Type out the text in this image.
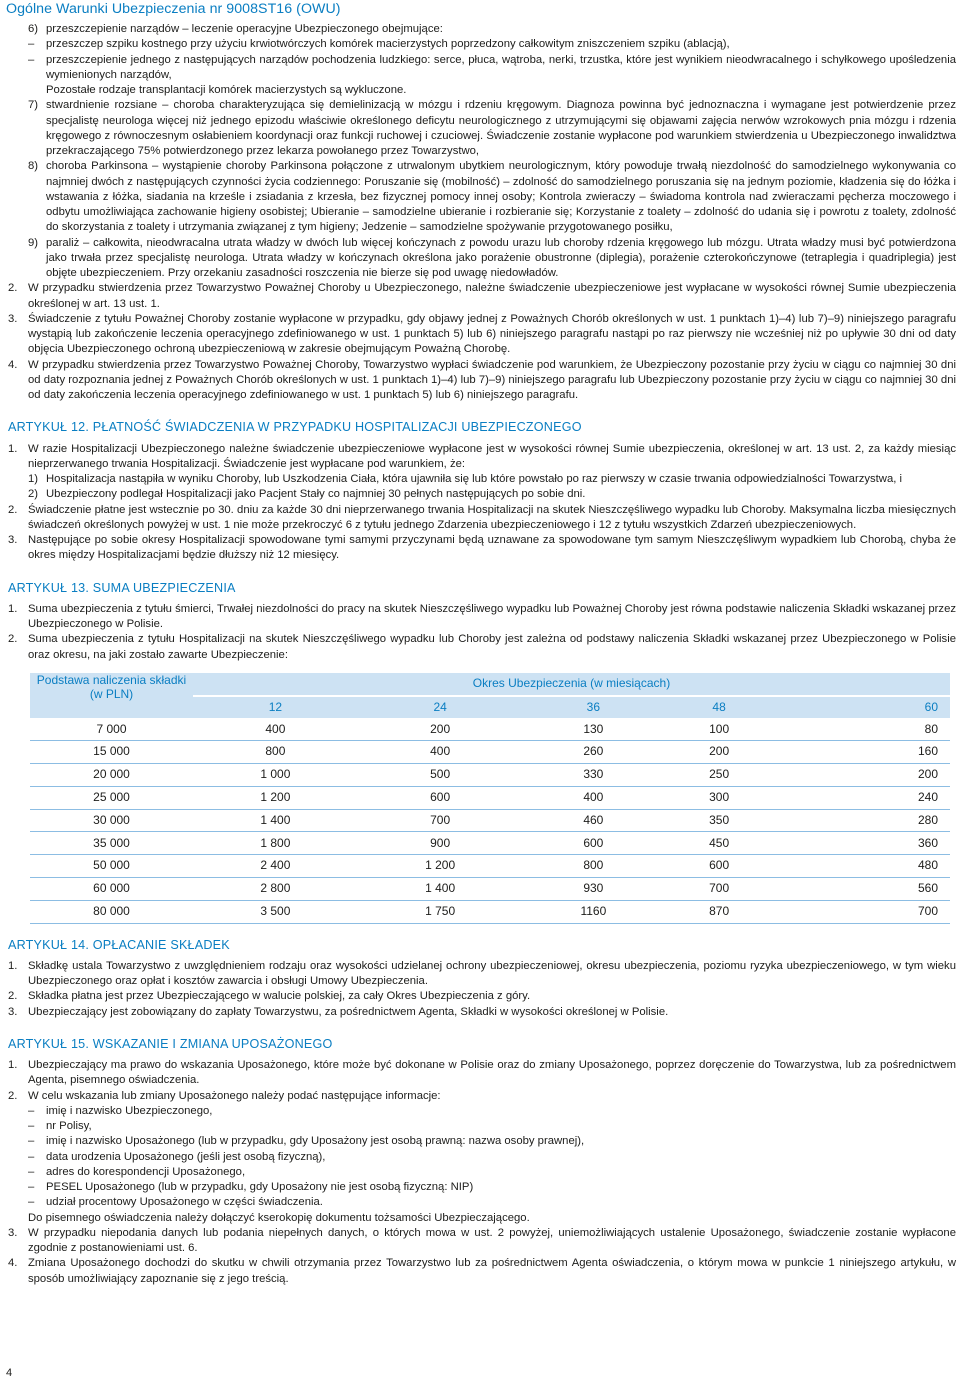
Ogólne Warunki Ubezpieczenia nr 9008ST16 (OWU)
6) przeszczepienie narządów – leczenie operacyjne Ubezpieczonego obejmujące:
– przeszczep szpiku kostnego przy użyciu krwiotwórczych komórek macierzystych poprzedzony całkowitym zniszczeniem szpiku (ablacją),
– przeszczepienie jednego z następujących narządów pochodzenia ludzkiego: serce, płuca, wątroba, nerki, trzustka, które jest wynikiem nieodwracalnego i schyłkowego upośledzenia wymienionych narządów,
Pozostałe rodzaje transplantacji komórek macierzystych są wykluczone.
7) stwardnienie rozsiane – choroba charakteryzująca się demielinizacją w mózgu i rdzeniu kręgowym. Diagnoza powinna być jednoznaczna i wymagane jest potwierdzenie przez specjalistę neurologa więcej niż jednego epizodu właściwie określonego deficytu neurologicznego z utrzymującymi się objawami zajęcia nerwów wzrokowych pnia mózgu i rdzenia kręgowego z równoczesnym osłabieniem koordynacji oraz funkcji ruchowej i czuciowej. Świadczenie zostanie wypłacone pod warunkiem stwierdzenia u Ubezpieczonego inwalidztwa przekraczającego 75% potwierdzonego przez lekarza powołanego przez Towarzystwo,
8) choroba Parkinsona – wystąpienie choroby Parkinsona połączone z utrwalonym ubytkiem neurologicznym, który powoduje trwałą niezdolność do samodzielnego wykonywania co najmniej dwóch z następujących czynności życia codziennego: Poruszanie się (mobilność) – zdolność do samodzielnego poruszania się na jednym poziomie, kładzenia się do łóżka i wstawania z łóżka, siadania na krześle i zsiadania z krzesła, bez fizycznej pomocy innej osoby; Kontrola zwieraczy – świadoma kontrola nad zwieraczami pęcherza moczowego i odbytu umożliwiająca zachowanie higieny osobistej; Ubieranie – samodzielne ubieranie i rozbieranie się; Korzystanie z toalety – zdolność do udania się i powrotu z toalety, zdolność do skorzystania z toalety i utrzymania związanej z tym higieny; Jedzenie – samodzielne spożywanie przygotowanego posiłku,
9) paraliż – całkowita, nieodwracalna utrata władzy w dwóch lub więcej kończynach z powodu urazu lub choroby rdzenia kręgowego lub mózgu. Utrata władzy musi być potwierdzona jako trwała przez specjalistę neurologa. Utrata władzy w kończynach określona jako porażenie obustronne (diplegia), porażenie czterokończynowe (tetraplegia i quadriplegia) jest objęte ubezpieczeniem. Przy orzekaniu zasadności roszczenia nie bierze się pod uwagę niedowładów.
2. W przypadku stwierdzenia przez Towarzystwo Poważnej Choroby u Ubezpieczonego, należne świadczenie ubezpieczeniowe jest wypłacane w wysokości równej Sumie ubezpieczenia określonej w art. 13 ust. 1.
3. Świadczenie z tytułu Poważnej Choroby zostanie wypłacone w przypadku, gdy objawy jednej z Poważnych Chorób określonych w ust. 1 punktach 1)–4) lub 7)–9) niniejszego paragrafu wystąpią lub zakończenie leczenia operacyjnego zdefiniowanego w ust. 1 punktach 5) lub 6) niniejszego paragrafu nastąpi po raz pierwszy nie wcześniej niż po upływie 30 dni od daty objęcia Ubezpieczonego ochroną ubezpieczeniową w zakresie obejmującym Poważną Chorobę.
4. W przypadku stwierdzenia przez Towarzystwo Poważnej Choroby, Towarzystwo wypłaci świadczenie pod warunkiem, że Ubezpieczony pozostanie przy życiu w ciągu co najmniej 30 dni od daty rozpoznania jednej z Poważnych Chorób określonych w ust. 1 punktach 1)–4) lub 7)–9) niniejszego paragrafu lub Ubezpieczony pozostanie przy życiu w ciągu co najmniej 30 dni od daty zakończenia leczenia operacyjnego zdefiniowanego w ust. 1 punktach 5) lub 6) niniejszego paragrafu.
ARTYKUŁ 12. PŁATNOŚĆ ŚWIADCZENIA W PRZYPADKU HOSPITALIZACJI UBEZPIECZONEGO
1. W razie Hospitalizacji Ubezpieczonego należne świadczenie ubezpieczeniowe wypłacone jest w wysokości równej Sumie ubezpieczenia, określonej w art. 13 ust. 2, za każdy miesiąc nieprzerwanego trwania Hospitalizacji. Świadczenie jest wypłacane pod warunkiem, że:
1) Hospitalizacja nastąpiła w wyniku Choroby, lub Uszkodzenia Ciała, która ujawniła się lub które powstało po raz pierwszy w czasie trwania odpowiedzialności Towarzystwa, i
2) Ubezpieczony podlegał Hospitalizacji jako Pacjent Stały co najmniej 30 pełnych następujących po sobie dni.
2. Świadczenie płatne jest wstecznie po 30. dniu za każde 30 dni nieprzerwanego trwania Hospitalizacji na skutek Nieszczęśliwego wypadku lub Choroby. Maksymalna liczba miesięcznych świadczeń określonych powyżej w ust. 1 nie może przekroczyć 6 z tytułu jednego Zdarzenia ubezpieczeniowego i 12 z tytułu wszystkich Zdarzeń ubezpieczeniowych.
3. Następujące po sobie okresy Hospitalizacji spowodowane tymi samymi przyczynami będą uznawane za spowodowane tym samym Nieszczęśliwym wypadkiem lub Chorobą, chyba że okres między Hospitalizacjami będzie dłuższy niż 12 miesięcy.
ARTYKUŁ 13. SUMA UBEZPIECZENIA
1. Suma ubezpieczenia z tytułu śmierci, Trwałej niezdolności do pracy na skutek Nieszczęśliwego wypadku lub Poważnej Choroby jest równa podstawie naliczenia Składki wskazanej przez Ubezpieczonego w Polisie.
2. Suma ubezpieczenia z tytułu Hospitalizacji na skutek Nieszczęśliwego wypadku lub Choroby jest zależna od podstawy naliczenia Składki wskazanej przez Ubezpieczonego w Polisie oraz okresu, na jaki zostało zawarte Ubezpieczenie:
Podstawa naliczenia składki (w PLN)	Okres Ubezpieczenia (w miesiącach)				
	12	24	36	48	60
7 000	400	200	130	100	80
15 000	800	400	260	200	160
20 000	1 000	500	330	250	200
25 000	1 200	600	400	300	240
30 000	1 400	700	460	350	280
35 000	1 800	900	600	450	360
50 000	2 400	1 200	800	600	480
60 000	2 800	1 400	930	700	560
80 000	3 500	1 750	1160	870	700
ARTYKUŁ 14. OPŁACANIE SKŁADEK
1. Składkę ustala Towarzystwo z uwzględnieniem rodzaju oraz wysokości udzielanej ochrony ubezpieczeniowej, okresu ubezpieczenia, poziomu ryzyka ubezpieczeniowego, w tym wieku Ubezpieczonego oraz opłat i kosztów zawarcia i obsługi Umowy Ubezpieczenia.
2. Składka płatna jest przez Ubezpieczającego w walucie polskiej, za cały Okres Ubezpieczenia z góry.
3. Ubezpieczający jest zobowiązany do zapłaty Towarzystwu, za pośrednictwem Agenta, Składki w wysokości określonej w Polisie.
ARTYKUŁ 15. WSKAZANIE I ZMIANA UPOSAŻONEGO
1. Ubezpieczający ma prawo do wskazania Uposażonego, które może być dokonane w Polisie oraz do zmiany Uposażonego, poprzez doręczenie do Towarzystwa, lub za pośrednictwem Agenta, pisemnego oświadczenia.
2. W celu wskazania lub zmiany Uposażonego należy podać następujące informacje:
– imię i nazwisko Ubezpieczonego,
– nr Polisy,
– imię i nazwisko Uposażonego (lub w przypadku, gdy Uposażony jest osobą prawną: nazwa osoby prawnej),
– data urodzenia Uposażonego (jeśli jest osobą fizyczną),
– adres do korespondencji Uposażonego,
– PESEL Uposażonego (lub w przypadku, gdy Uposażony nie jest osobą fizyczną: NIP)
– udział procentowy Uposażonego w części świadczenia.
Do pisemnego oświadczenia należy dołączyć kserokopię dokumentu tożsamości Ubezpieczającego.
3. W przypadku niepodania danych lub podania niepełnych danych, o których mowa w ust. 2 powyżej, uniemożliwiających ustalenie Uposażonego, świadczenie zostanie wypłacone zgodnie z postanowieniami ust. 6.
4. Zmiana Uposażonego dochodzi do skutku w chwili otrzymania przez Towarzystwo lub za pośrednictwem Agenta oświadczenia, o którym mowa w punkcie 1 niniejszego artykułu, w sposób umożliwiający zapoznanie się z jego treścią.
4
